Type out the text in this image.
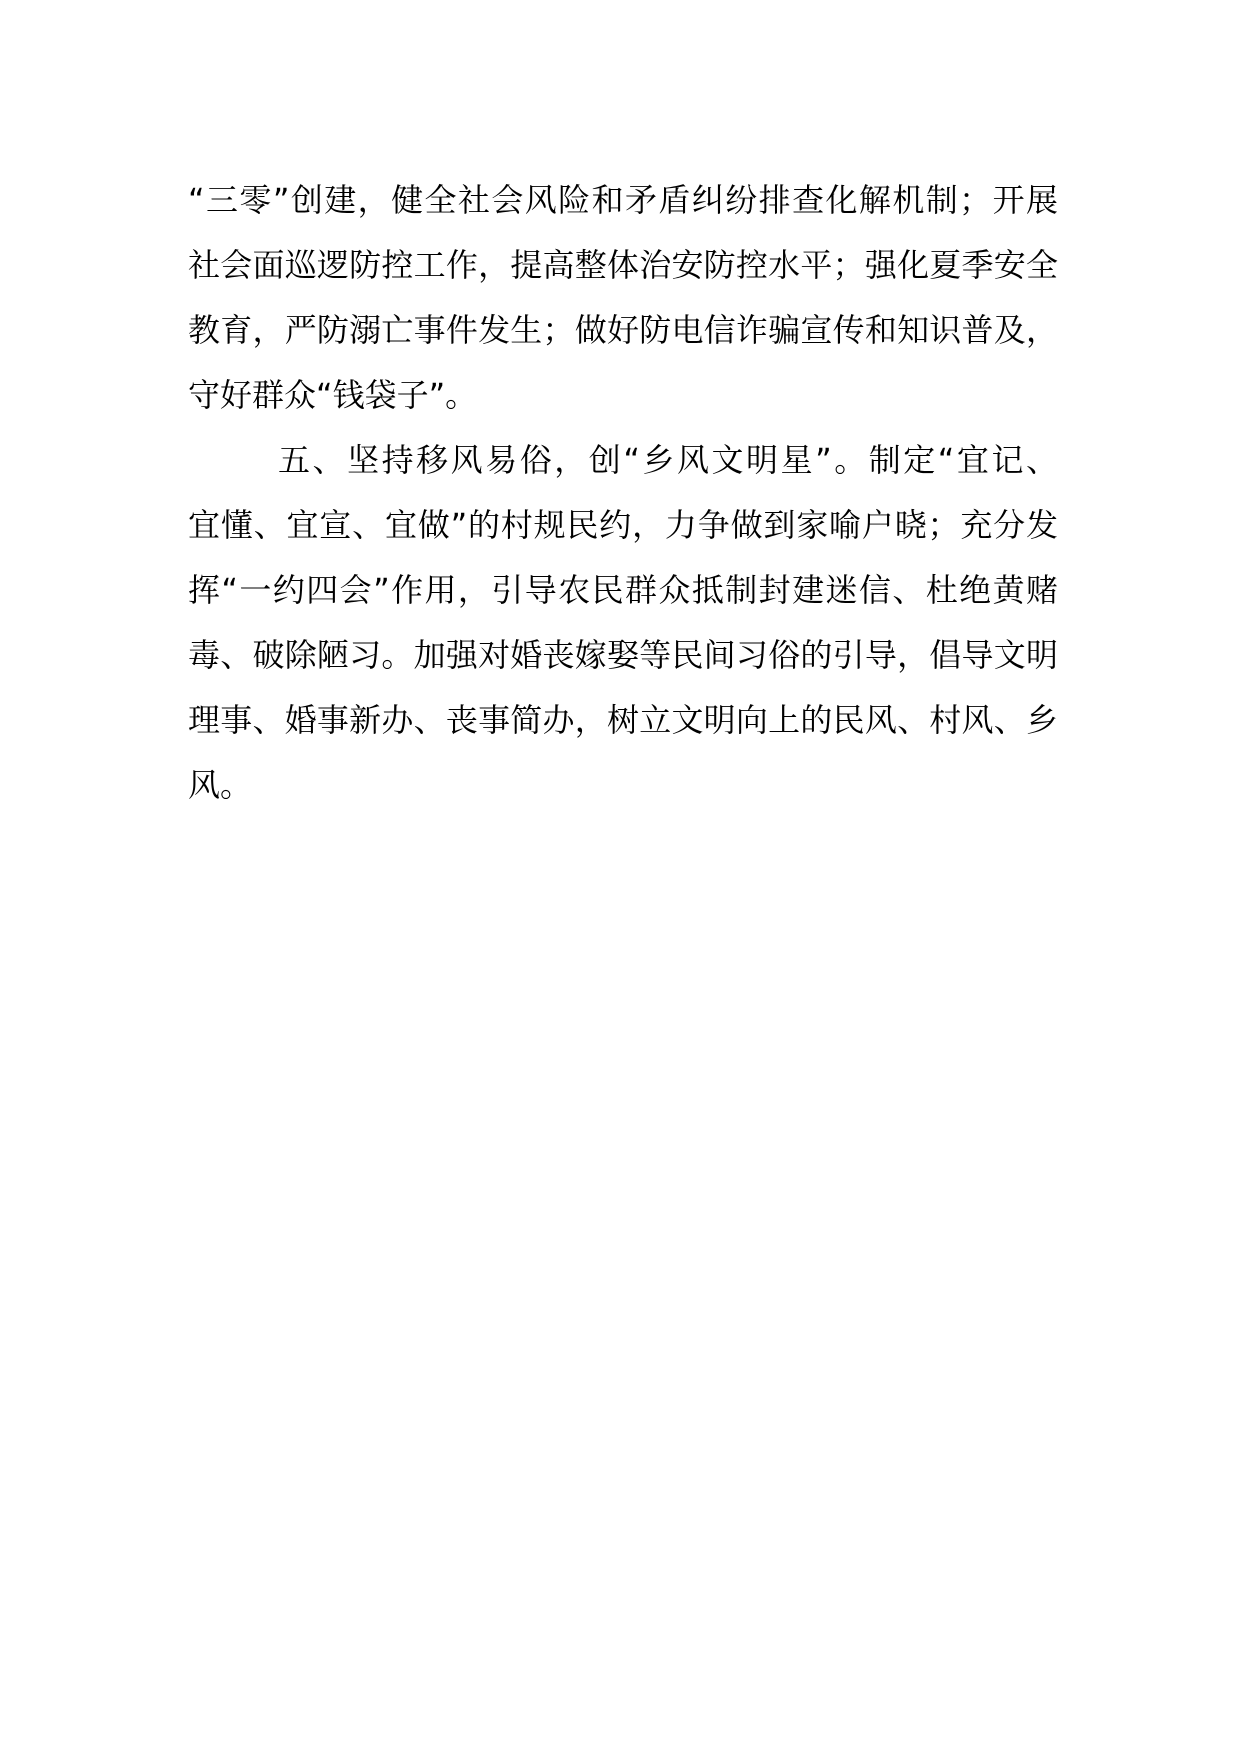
“三零”创建，健全社会风险和矛盾纠纷排查化解机制；开展
社会面巡逻防控工作，提高整体治安防控水平；强化夏季安全
教育，严防溺亡事件发生；做好防电信诈骗宣传和知识普及，
守好群众“钱袋子”。
五、坚持移风易俗，创“乡风文明星”。制定“宜记、
宜懂、宜宣、宜做”的村规民约，力争做到家喻户晓；充分发
挥“一约四会”作用，引导农民群众抵制封建迷信、杜绝黄赌
毒、破除陋习。加强对婚丧嫁娶等民间习俗的引导，倡导文明
理事、婚事新办、丧事简办，树立文明向上的民风、村风、乡
风。
